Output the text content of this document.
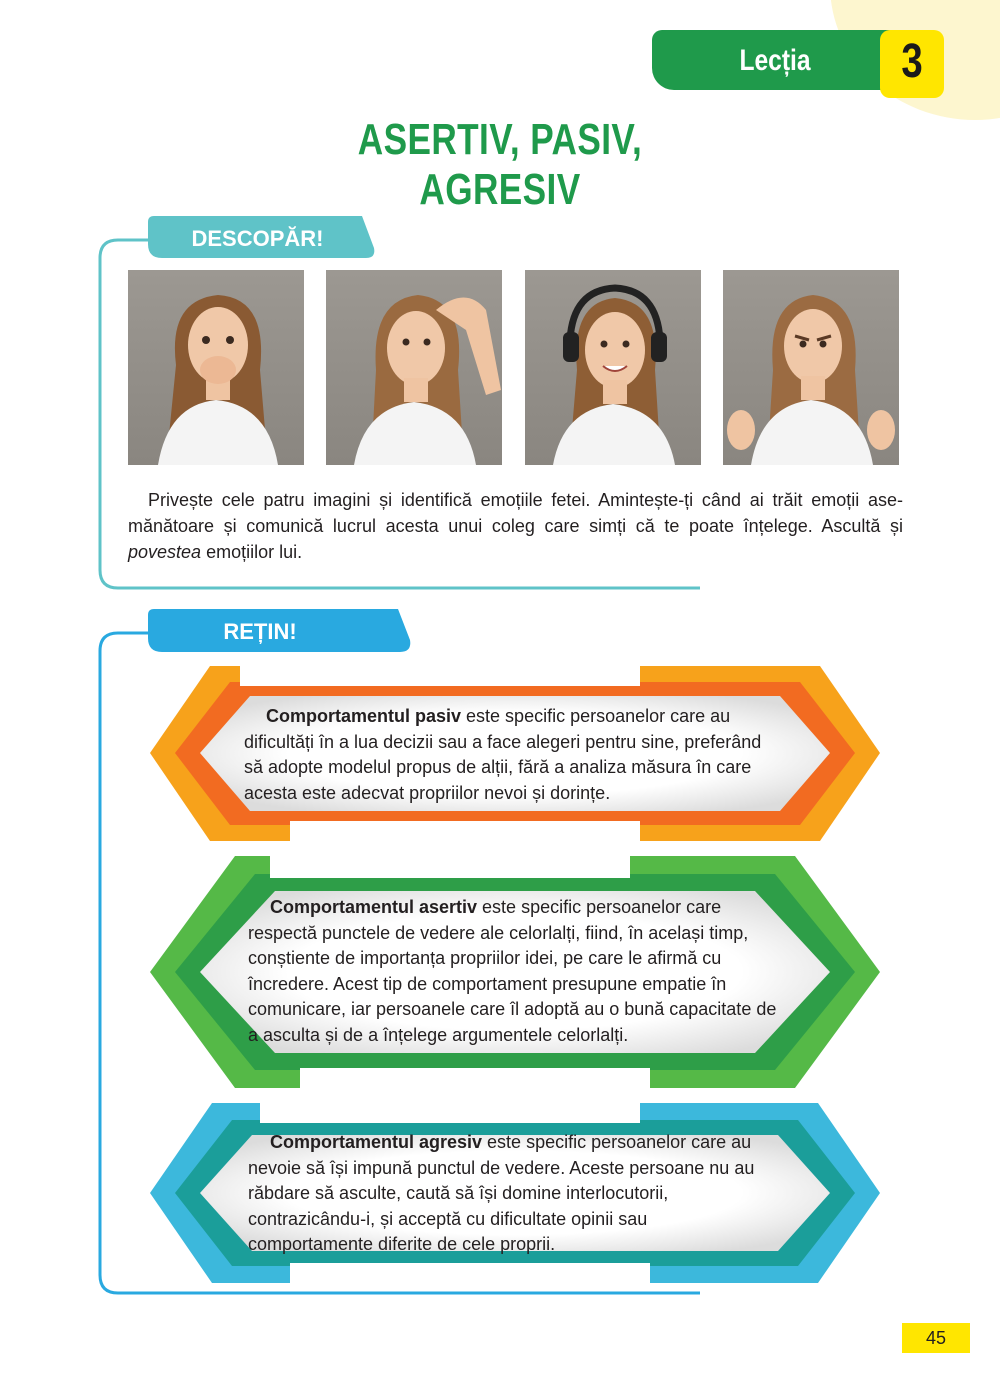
Lecția	3
ASERTIV, PASIV, AGRESIV
DESCOPĂR!
REȚIN!

Privește cele patru imagini și identifică emoțiile fetei. Amintește-ți când ai trăit emoții asemănătoare și comunică lucrul acesta unui coleg care simți că te poate înțelege. Ascultă și povestea emoțiilor lui.

Comportamentul pasiv este specific persoanelor care au dificultăți în a lua decizii sau a face alegeri pentru sine, preferând să adopte modelul propus de alții, fără a analiza măsura în care acesta este adecvat propriilor nevoi și dorințe.

Comportamentul asertiv este specific persoanelor care respectă punctele de vedere ale celorlalți, fiind, în același timp, conștiente de importanța propriilor idei, pe care le afirmă cu încredere. Acest tip de comportament presupune empatie în comunicare, iar persoanele care îl adoptă au o bună capacitate de a asculta și de a înțelege argumentele celorlalți.

Comportamentul agresiv este specific persoanelor care au nevoie să își impună punctul de vedere. Aceste persoane nu au răbdare să asculte, caută să își domine interlocutorii, contrazicându-i, și acceptă cu dificultate opinii sau comportamente diferite de cele proprii.

45
